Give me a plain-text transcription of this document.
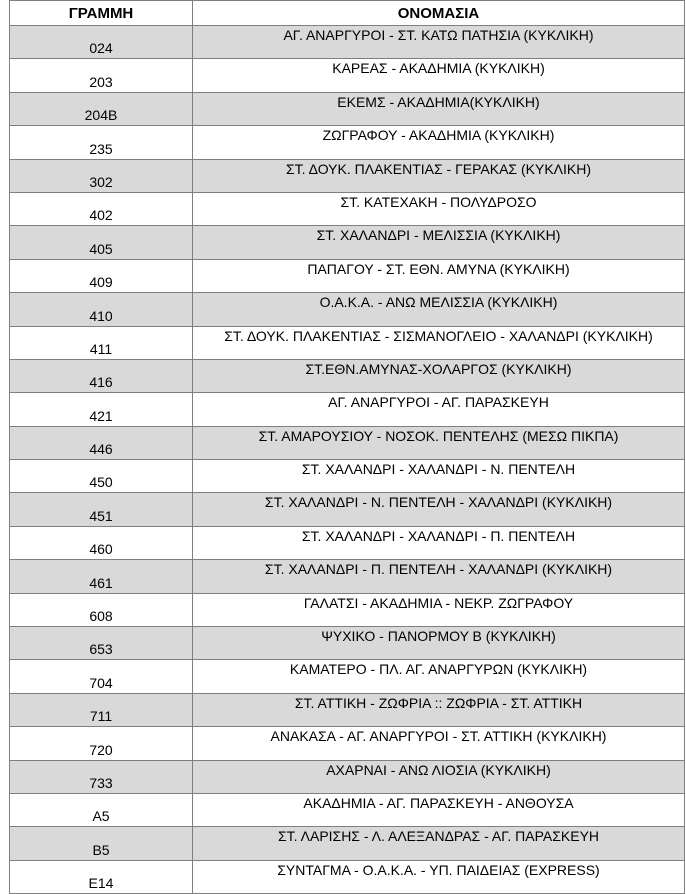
ΓΡΑΜΜΗ	ΟΝΟΜΑΣΙΑ
024	ΑΓ. ΑΝΑΡΓΥΡΟΙ - ΣΤ. ΚΑΤΩ ΠΑΤΗΣΙΑ (ΚΥΚΛΙΚΗ)
203	ΚΑΡΕΑΣ - ΑΚΑΔΗΜΙΑ (ΚΥΚΛΙΚΗ)
204Β	ΕΚΕΜΣ - ΑΚΑΔΗΜΙΑ(ΚΥΚΛΙΚΗ)
235	ΖΩΓΡΑΦΟΥ - ΑΚΑΔΗΜΙΑ (ΚΥΚΛΙΚΗ)
302	ΣΤ. ΔΟΥΚ. ΠΛΑΚΕΝΤΙΑΣ - ΓΕΡΑΚΑΣ (ΚΥΚΛΙΚΗ)
402	ΣΤ. ΚΑΤΕΧΑΚΗ - ΠΟΛΥΔΡΟΣΟ
405	ΣΤ. ΧΑΛΑΝΔΡΙ - ΜΕΛΙΣΣΙΑ (ΚΥΚΛΙΚΗ)
409	ΠΑΠΑΓΟΥ - ΣΤ. ΕΘΝ. ΑΜΥΝΑ (ΚΥΚΛΙΚΗ)
410	Ο.Α.Κ.Α. - ΑΝΩ ΜΕΛΙΣΣΙΑ (ΚΥΚΛΙΚΗ)
411	ΣΤ. ΔΟΥΚ. ΠΛΑΚΕΝΤΙΑΣ - ΣΙΣΜΑΝΟΓΛΕΙΟ - ΧΑΛΑΝΔΡΙ (ΚΥΚΛΙΚΗ)
416	ΣΤ.ΕΘΝ.ΑΜΥΝΑΣ-ΧΟΛΑΡΓΟΣ (ΚΥΚΛΙΚΗ)
421	ΑΓ. ΑΝΑΡΓΥΡΟΙ - ΑΓ. ΠΑΡΑΣΚΕΥΗ
446	ΣΤ. ΑΜΑΡΟΥΣΙΟΥ - ΝΟΣΟΚ. ΠΕΝΤΕΛΗΣ (ΜΕΣΩ ΠΙΚΠΑ)
450	ΣΤ. ΧΑΛΑΝΔΡΙ - ΧΑΛΑΝΔΡΙ - Ν. ΠΕΝΤΕΛΗ
451	ΣΤ. ΧΑΛΑΝΔΡΙ - Ν. ΠΕΝΤΕΛΗ - ΧΑΛΑΝΔΡΙ (ΚΥΚΛΙΚΗ)
460	ΣΤ. ΧΑΛΑΝΔΡΙ - ΧΑΛΑΝΔΡΙ - Π. ΠΕΝΤΕΛΗ
461	ΣΤ. ΧΑΛΑΝΔΡΙ - Π. ΠΕΝΤΕΛΗ - ΧΑΛΑΝΔΡΙ (ΚΥΚΛΙΚΗ)
608	ΓΑΛΑΤΣΙ - ΑΚΑΔΗΜΙΑ - ΝΕΚΡ. ΖΩΓΡΑΦΟΥ
653	ΨΥΧΙΚΟ - ΠΑΝΟΡΜΟΥ Β (ΚΥΚΛΙΚΗ)
704	ΚΑΜΑΤΕΡΟ - ΠΛ. ΑΓ. ΑΝΑΡΓΥΡΩΝ (ΚΥΚΛΙΚΗ)
711	ΣΤ. ΑΤΤΙΚΗ - ΖΩΦΡΙΑ :: ΖΩΦΡΙΑ - ΣΤ. ΑΤΤΙΚΗ
720	ΑΝΑΚΑΣΑ - ΑΓ. ΑΝΑΡΓΥΡΟΙ - ΣΤ. ΑΤΤΙΚΗ (ΚΥΚΛΙΚΗ)
733	ΑΧΑΡΝΑΙ - ΑΝΩ ΛΙΟΣΙΑ (ΚΥΚΛΙΚΗ)
Α5	ΑΚΑΔΗΜΙΑ - ΑΓ. ΠΑΡΑΣΚΕΥΗ - ΑΝΘΟΥΣΑ
Β5	ΣΤ. ΛΑΡΙΣΗΣ - Λ. ΑΛΕΞΑΝΔΡΑΣ - ΑΓ. ΠΑΡΑΣΚΕΥΗ
Ε14	ΣΥΝΤΑΓΜΑ - Ο.Α.Κ.Α. - ΥΠ. ΠΑΙΔΕΙΑΣ (EXPRESS)
